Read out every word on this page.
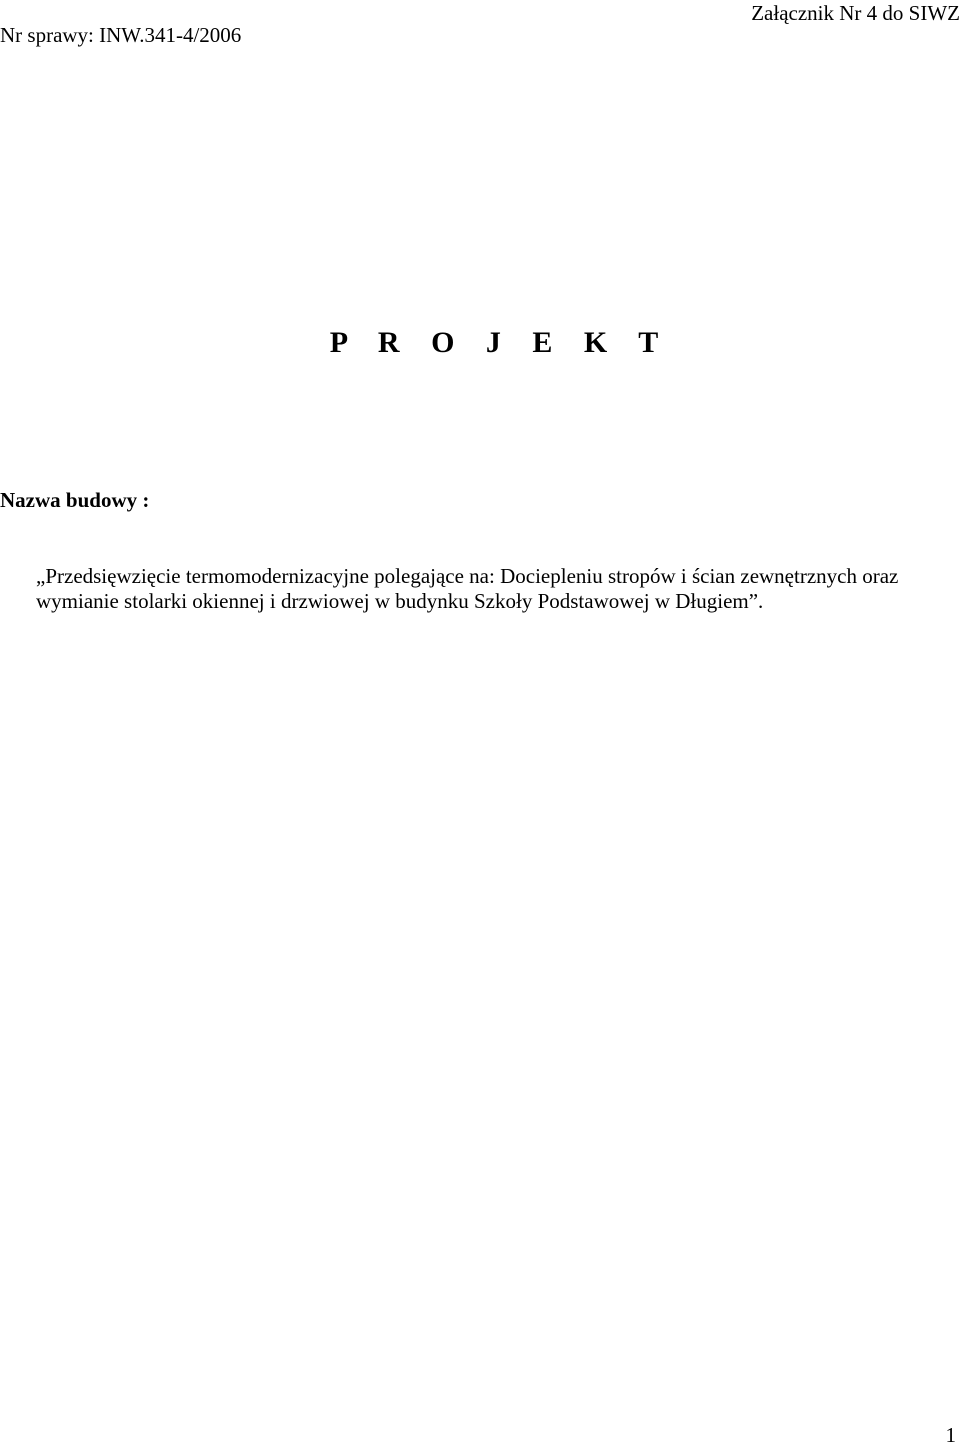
Nr sprawy: INW.341-4/2006
Załącznik Nr 4 do SIWZ
P R O J E K T
Nazwa budowy :
„Przedsięwzięcie termomodernizacyjne polegające na: Dociepleniu stropów i ścian zewnętrznych oraz wymianie stolarki okiennej i drzwiowej w budynku Szkoły Podstawowej w Długiem”.
1
